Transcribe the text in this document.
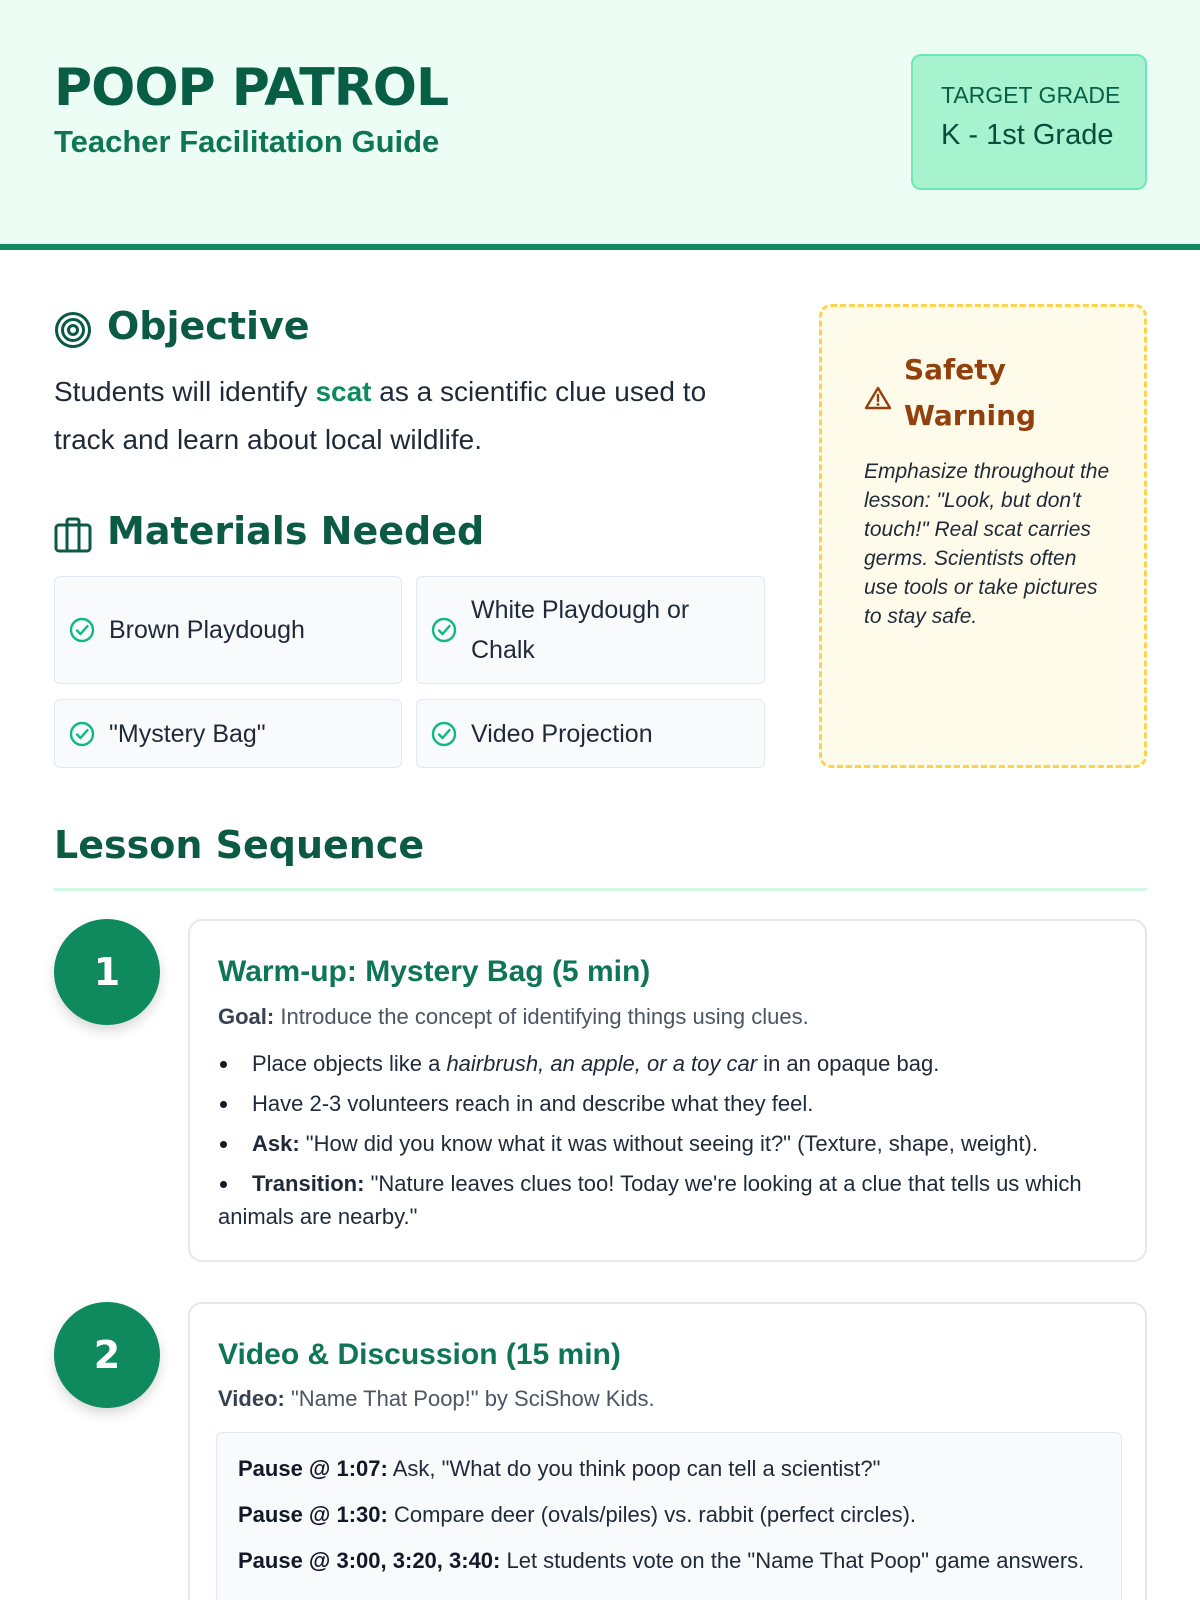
POOP PATROL
Teacher Facilitation Guide
TARGET GRADE
K - 1st Grade
Objective
Students will identify scat as a scientific clue used to track and learn about local wildlife.
Materials Needed
Brown Playdough
White Playdough or Chalk
"Mystery Bag"	Video Projection
Safety Warning
Emphasize throughout the lesson: "Look, but don't touch!" Real scat carries germs. Scientists often use tools or take pictures to stay safe.
Lesson Sequence
1	Warm-up: Mystery Bag (5 min)
Goal: Introduce the concept of identifying things using clues.
Place objects like a hairbrush, an apple, or a toy car in an opaque bag.
Have 2-3 volunteers reach in and describe what they feel.
Ask: "How did you know what it was without seeing it?" (Texture, shape, weight).
Transition: "Nature leaves clues too! Today we're looking at a clue that tells us which animals are nearby."
2	Video & Discussion (15 min)
Video: "Name That Poop!" by SciShow Kids.
Pause @ 1:07: Ask, "What do you think poop can tell a scientist?"
Pause @ 1:30: Compare deer (ovals/piles) vs. rabbit (perfect circles).
Pause @ 3:00, 3:20, 3:40: Let students vote on the "Name That Poop" game answers.
